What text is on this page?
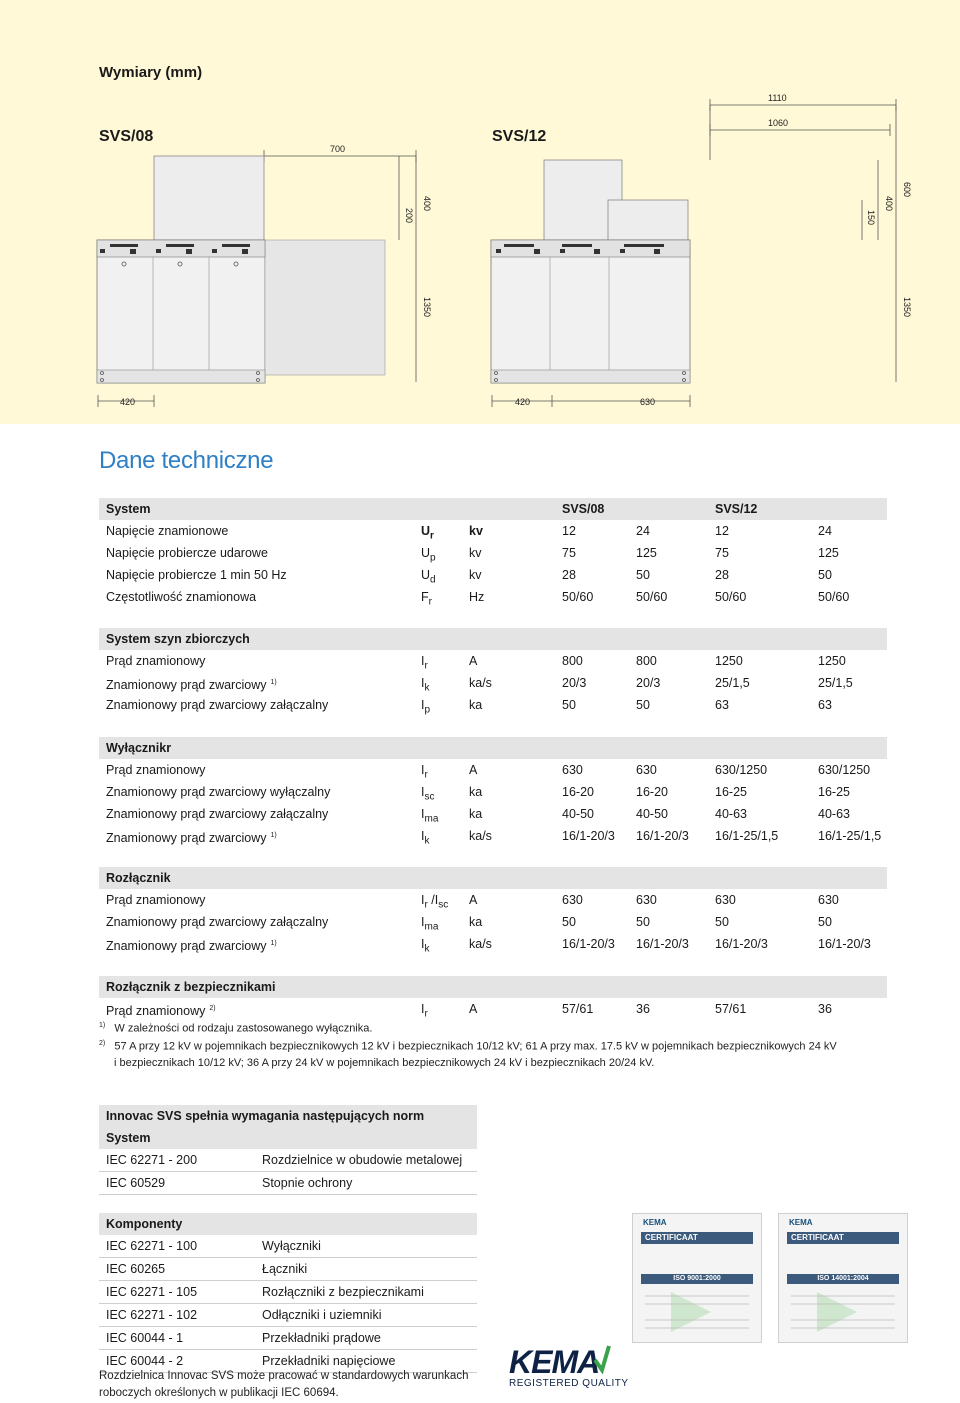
Wymiary (mm)
SVS/08	SVS/12
700
1110
1060
200
400
150
400
600
1350	1350
420	420	630
Dane techniczne
System	SVS/08	SVS/12
Napięcie znamionowe	$U_r$	kv	12	24	12	24
Napięcie probiercze udarowe	$U_p$	kv	75	125	75	125
Napięcie probiercze 1 min 50 Hz	$U_d$	kv	28	50	28	50
Częstotliwość znamionowa	$F_r$	Hz	50/60	50/60	50/60	50/60
System szyn zbiorczych
Prąd znamionowy	$I_r$	A	800	800	1250	1250
Znamionowy prąd zwarciowy $^{1)}$	$I_k$	ka/s	20/3	20/3	25/1,5	25/1,5
Znamionowy prąd zwarciowy załączalny	$I_p$	ka	50	50	63	63
Wyłącznikr
Prąd znamionowy	$I_r$	A	630	630	630/1250	630/1250
Znamionowy prąd zwarciowy wyłączalny	$I_{sc}$	ka	16-20	16-20	16-25	16-25
Znamionowy prąd zwarciowy załączalny	$I_{ma}$ ka	40-50	40-50	40-63	40-63
Znamionowy prąd zwarciowy $^{1)}$	$I_k$	ka/s	16/1-20/3 16/1-20/3 16/1-25/1,5	16/1-25/1,5
Rozłącznik
Prąd znamionowy	$I_r$ $/I_{sc}$ A	630	630	630	630
Znamionowy prąd zwarciowy załączalny	$I_{ma}$ ka	50	50	50	50
Znamionowy prąd zwarciowy $^{1)}$	$I_k$	ka/s	16/1-20/3 16/1-20/3 16/1-20/3	16/1-20/3
Rozłącznik z bezpiecznikami
Prąd znamionowy $^{2)}$	$I_r$	A	57/61	36	57/61	36
$^{1)}$ W zależności od rodzaju zastosowanego wyłącznika.
$^{2)}$ 57 A przy 12 kV w pojemnikach bezpiecznikowych 12 kV i bezpiecznikach 10/12 kV; 61 A przy max. 17.5 kV w pojemnikach bezpiecznikowych 24 kV
i bezpiecznikach 10/12 kV; 36 A przy 24 kV w pojemnikach bezpiecznikowych 24 kV i bezpiecznikach 20/24 kV.
Innovac SVS spełnia wymagania następujących norm
System
IEC 62271 - 200	Rozdzielnice w obudowie metalowej
IEC 60529	Stopnie ochrony
Komponenty
IEC 62271 - 100	Wyłączniki
IEC 60265	Łączniki
IEC 62271 - 105	Rozłączniki z bezpiecznikami
IEC 62271 - 102	Odłączniki i uziemniki
IEC 60044 - 1	Przekładniki prądowe
IEC 60044 - 2	Przekładniki napięciowe
Rozdzielnica Innovac SVS może pracować w standardowych warunkach
roboczych określonych w publikacji IEC 60694.
KEMA
CERTIFICAAT
ISO 9001:2000
KEMA
CERTIFICAAT
ISO 14001:2004
KEMA
REGISTERED QUALITY
